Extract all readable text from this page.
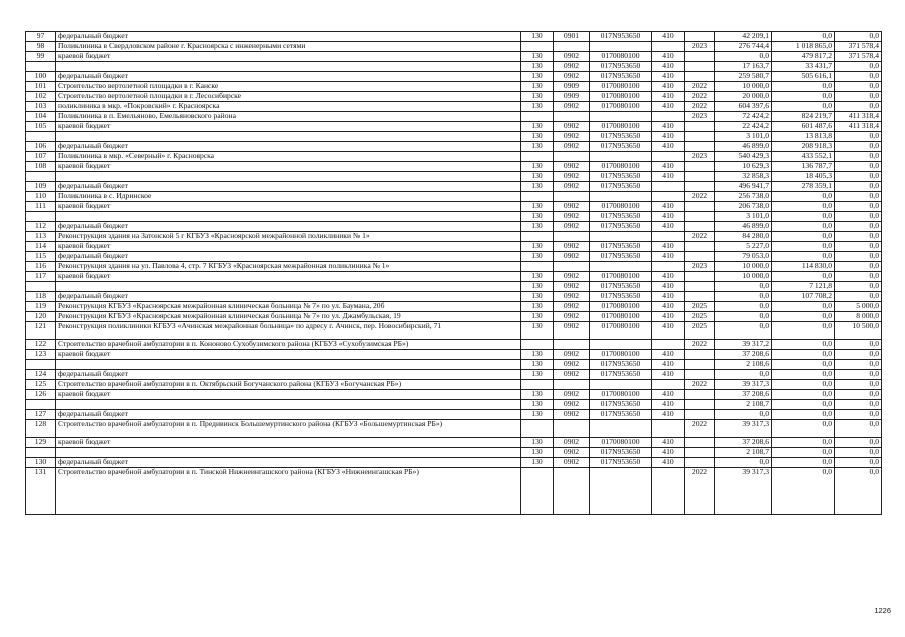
97	федеральный бюджет	130	0901	017N953650	410		42 209,1	0,0	0,0
98	Поликлиника в Свердловском районе г. Красноярска с инженерными сетями					2023	276 744,4	1 018 865,0	371 578,4
99	краевой бюджет	130	0902	0170080100	410		0,0	479 817,2	371 578,4
		130	0902	017N953650	410		17 163,7	33 431,7	0,0
100	федеральный бюджет	130	0902	017N953650	410		259 580,7	505 616,1	0,0
101	Строительство вертолетной площадки в г. Канске	130	0909	0170080100	410	2022	10 000,0	0,0	0,0
102	Строительство вертолетной площадки в г. Лесосибирске	130	0909	0170080100	410	2022	20 000,0	0,0	0,0
103	поликлиника в мкр. «Покровский» г. Красноярска	130	0902	0170080100	410	2022	604 397,6	0,0	0,0
104	Поликлиника в п. Емельяново, Емельяновского района					2023	72 424,2	824 219,7	411 318,4
105	краевой бюджет	130	0902	0170080100	410		22 424,2	601 487,6	411 318,4
		130	0902	017N953650	410		3 101,0	13 813,8	0,0
106	федеральный бюджет	130	0902	017N953650	410		46 899,0	208 918,3	0,0
107	Поликлиника в мкр. «Северный» г. Красноярска					2023	540 429,3	433 552,1	0,0
108	краевой бюджет	130	0902	0170080100	410		10 629,3	136 787,7	0,0
		130	0902	017N953650	410		32 858,3	18 405,3	0,0
109	федеральный бюджет	130	0902	017N953650			496 941,7	278 359,1	0,0
110	Поликлиника в с. Идринское					2022	256 738,0	0,0	0,0
111	краевой бюджет	130	0902	0170080100	410		206 738,0	0,0	0,0
		130	0902	017N953650	410		3 101,0	0,0	0,0
112	федеральный бюджет	130	0902	017N953650	410		46 899,0	0,0	0,0
113	Реконструкция здания на Затонской 5 г КГБУЗ «Красноярской межрайонной поликлиники № 1»					2022	84 280,0	0,0	0,0
114	краевой бюджет	130	0902	017N953650	410		5 227,0	0,0	0,0
115	федеральный бюджет	130	0902	017N953650	410		79 053,0	0,0	0,0
116	Реконструкция здания на ул. Павлова 4, стр. 7 КГБУЗ «Красноярская межрайонная поликлиника № 1»					2023	10 000,0	114 830,0	0,0
117	краевой бюджет	130	0902	0170080100	410		10 000,0	0,0	0,0
		130	0902	017N953650	410		0,0	7 121,8	0,0
118	федеральный бюджет	130	0902	017N953650	410		0,0	107 708,2	0,0
119	Реконструкция КГБУЗ «Красноярская межрайонная клиническая больница № 7» по ул. Баумана, 20б	130	0902	0170080100	410	2025	0,0	0,0	5 000,0
120	Реконструкция КГБУЗ «Красноярская межрайонная клиническая больница № 7» по ул. Джамбульская, 19	130	0902	0170080100	410	2025	0,0	0,0	8 000,0
121	Реконструкция поликлиники КГБУЗ «Ачинская межрайонная больница» по адресу г. Ачинск, пер. Новосибирский, 71	130	0902	0170080100	410	2025	0,0	0,0	10 500,0
122	Строительство врачебной амбулатории в п. Кононово Сухобузимского района (КГБУЗ «Сухобузимская РБ»)					2022	39 317,2	0,0	0,0
123	краевой бюджет	130	0902	0170080100	410		37 208,6	0,0	0,0
		130	0902	017N953650	410		2 108,6	0,0	0,0
124	федеральный бюджет	130	0902	017N953650	410		0,0	0,0	0,0
125	Строительство врачебной амбулатории в п. Октябрьский Богучанского района (КГБУЗ «Богучанская РБ»)					2022	39 317,3	0,0	0,0
126	краевой бюджет	130	0902	0170080100	410		37 208,6	0,0	0,0
		130	0902	017N953650	410		2 108,7	0,0	0,0
127	федеральный бюджет	130	0902	017N953650	410		0,0	0,0	0,0
128	Строительство врачебной амбулатории в п. Предивинск Большемуртинского района (КГБУЗ «Большемуртинская РБ»)					2022	39 317,3	0,0	0,0
129	краевой бюджет	130	0902	0170080100	410		37 208,6	0,0	0,0
		130	0902	017N953650	410		2 108,7	0,0	0,0
130	федеральный бюджет	130	0902	017N953650	410		0,0	0,0	0,0
131	Строительство врачебной амбулатории в п. Тинской Нижнеингашского района (КГБУЗ «Нижнеингашская РБ»)					2022	39 317,3	0,0	0,0
1226
